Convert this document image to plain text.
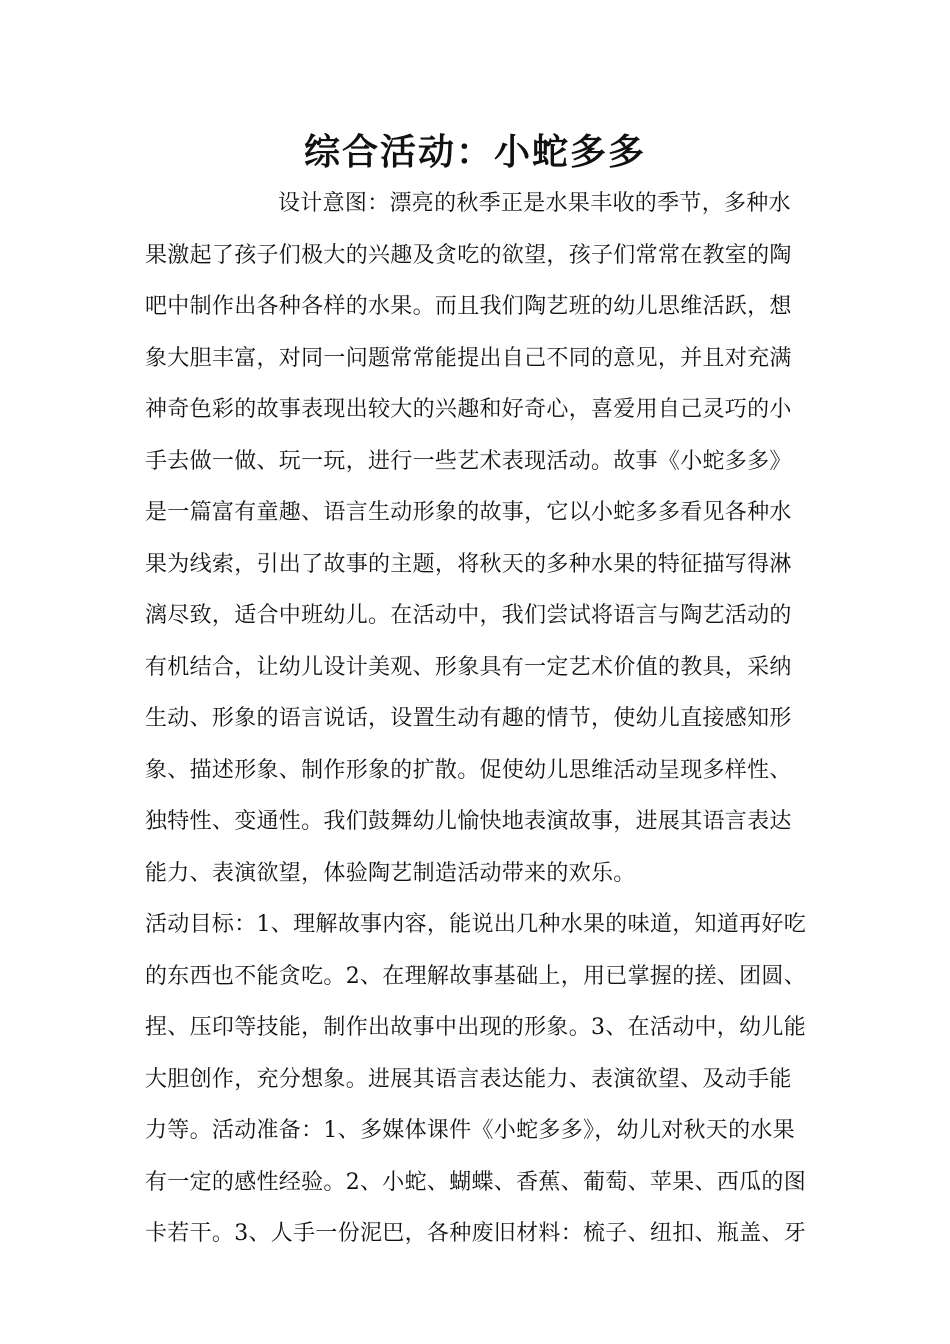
综合活动：小蛇多多
设计意图：漂亮的秋季正是水果丰收的季节，多种水
果激起了孩子们极大的兴趣及贪吃的欲望，孩子们常常在教室的陶
吧中制作出各种各样的水果。而且我们陶艺班的幼儿思维活跃，想
象大胆丰富，对同一问题常常能提出自己不同的意见，并且对充满
神奇色彩的故事表现出较大的兴趣和好奇心，喜爱用自己灵巧的小
手去做一做、玩一玩，进行一些艺术表现活动。故事《小蛇多多》
是一篇富有童趣、语言生动形象的故事，它以小蛇多多看见各种水
果为线索，引出了故事的主题，将秋天的多种水果的特征描写得淋
漓尽致，适合中班幼儿。在活动中，我们尝试将语言与陶艺活动的
有机结合，让幼儿设计美观、形象具有一定艺术价值的教具，采纳
生动、形象的语言说话，设置生动有趣的情节，使幼儿直接感知形
象、描述形象、制作形象的扩散。促使幼儿思维活动呈现多样性、
独特性、变通性。我们鼓舞幼儿愉快地表演故事，进展其语言表达
能力、表演欲望，体验陶艺制造活动带来的欢乐。
活动目标：1、理解故事内容，能说出几种水果的味道，知道再好吃
的东西也不能贪吃。2、在理解故事基础上，用已掌握的搓、团圆、
捏、压印等技能，制作出故事中出现的形象。3、在活动中，幼儿能
大胆创作，充分想象。进展其语言表达能力、表演欲望、及动手能
力等。活动准备：1、多媒体课件《小蛇多多》，幼儿对秋天的水果
有一定的感性经验。2、小蛇、蝴蝶、香蕉、葡萄、苹果、西瓜的图
卡若干。3、人手一份泥巴，各种废旧材料：梳子、纽扣、瓶盖、牙
